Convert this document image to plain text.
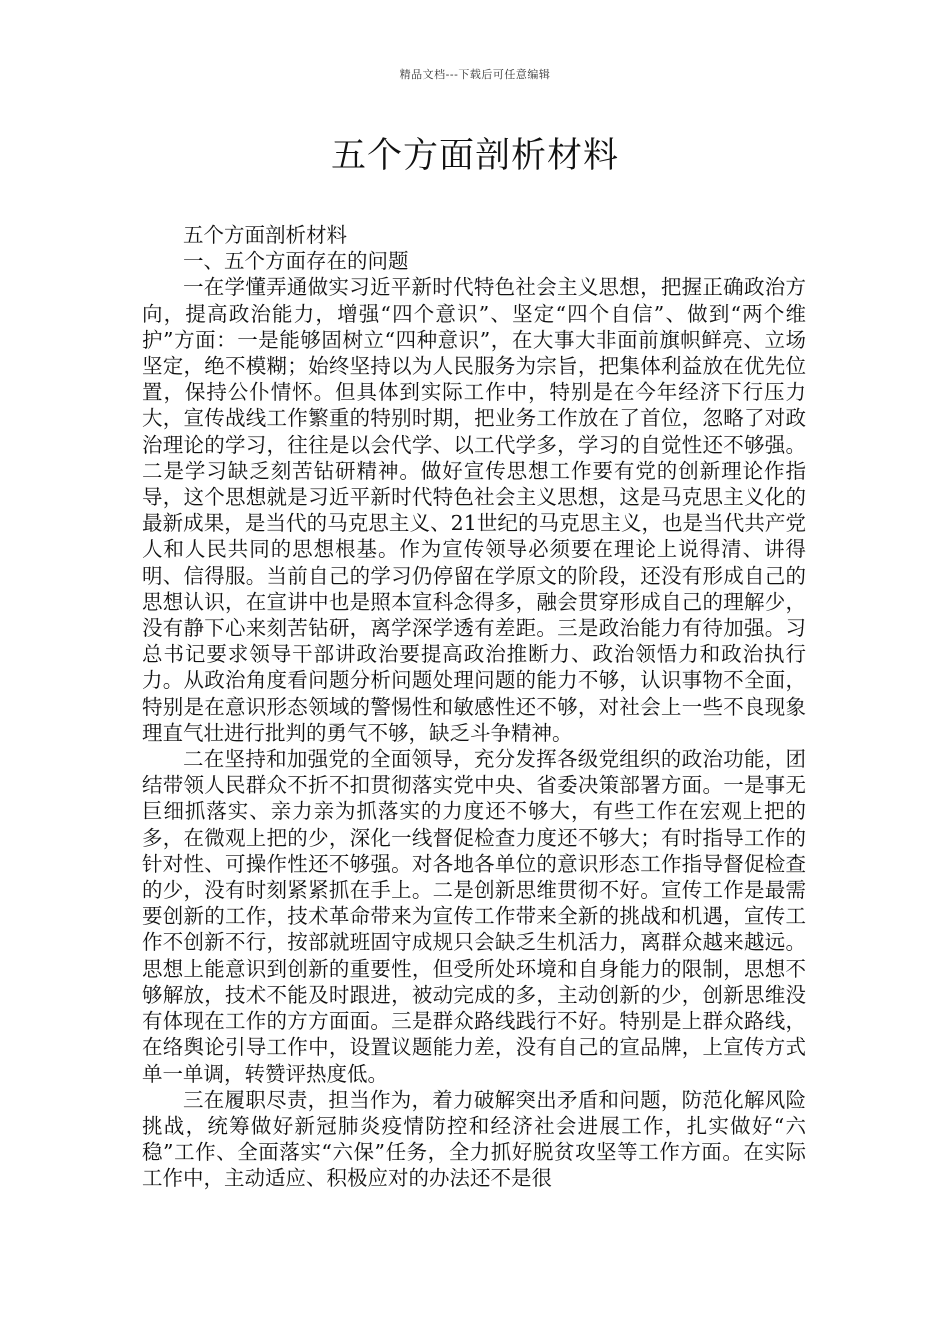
精品文档---下载后可任意编辑
五个方面剖析材料

五个方面剖析材料

一、五个方面存在的问题

一在学懂弄通做实习近平新时代特色社会主义思想，把握正确政治方向，提高政治能力，增强“四个意识”、坚定“四个自信”、做到“两个维护”方面：一是能够固树立“四种意识”，在大事大非面前旗帜鲜亮、立场坚定，绝不模糊；始终坚持以为人民服务为宗旨，把集体利益放在优先位置，保持公仆情怀。但具体到实际工作中，特别是在今年经济下行压力大，宣传战线工作繁重的特别时期，把业务工作放在了首位，忽略了对政治理论的学习，往往是以会代学、以工代学多，学习的自觉性还不够强。二是学习缺乏刻苦钻研精神。做好宣传思想工作要有党的创新理论作指导，这个思想就是习近平新时代特色社会主义思想，这是马克思主义化的最新成果，是当代的马克思主义、21世纪的马克思主义，也是当代共产党人和人民共同的思想根基。作为宣传领导必须要在理论上说得清、讲得明、信得服。当前自己的学习仍停留在学原文的阶段，还没有形成自己的思想认识，在宣讲中也是照本宣科念得多，融会贯穿形成自己的理解少，没有静下心来刻苦钻研，离学深学透有差距。三是政治能力有待加强。习总书记要求领导干部讲政治要提高政治推断力、政治领悟力和政治执行力。从政治角度看问题分析问题处理问题的能力不够，认识事物不全面，特别是在意识形态领域的警惕性和敏感性还不够，对社会上一些不良现象理直气壮进行批判的勇气不够，缺乏斗争精神。

二在坚持和加强党的全面领导，充分发挥各级党组织的政治功能，团结带领人民群众不折不扣贯彻落实党中央、省委决策部署方面。一是事无巨细抓落实、亲力亲为抓落实的力度还不够大，有些工作在宏观上把的多，在微观上把的少，深化一线督促检查力度还不够大；有时指导工作的针对性、可操作性还不够强。对各地各单位的意识形态工作指导督促检查的少，没有时刻紧紧抓在手上。二是创新思维贯彻不好。宣传工作是最需要创新的工作，技术革命带来为宣传工作带来全新的挑战和机遇，宣传工作不创新不行，按部就班固守成规只会缺乏生机活力，离群众越来越远。思想上能意识到创新的重要性，但受所处环境和自身能力的限制，思想不够解放，技术不能及时跟进，被动完成的多，主动创新的少，创新思维没有体现在工作的方方面面。三是群众路线践行不好。特别是上群众路线，在络舆论引导工作中，设置议题能力差，没有自己的宣品牌，上宣传方式单一单调，转赞评热度低。

三在履职尽责，担当作为，着力破解突出矛盾和问题，防范化解风险挑战，统筹做好新冠肺炎疫情防控和经济社会进展工作，扎实做好“六稳”工作、全面落实“六保”任务，全力抓好脱贫攻坚等工作方面。在实际工作中，主动适应、积极应对的办法还不是很
